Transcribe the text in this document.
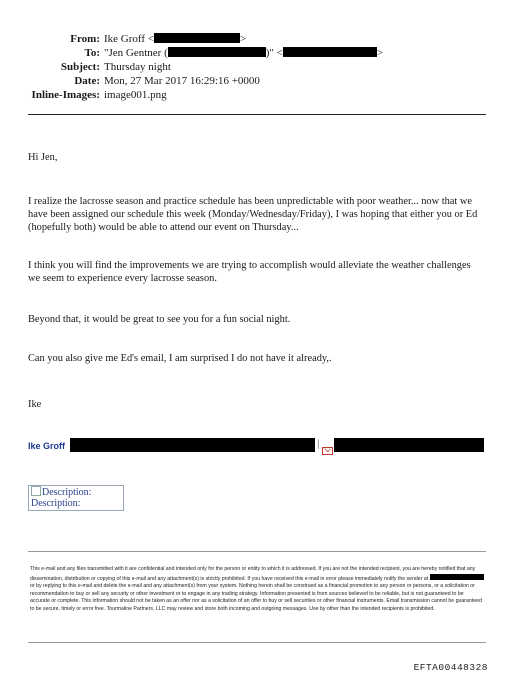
From: Ike Groff <	>
To: "Jen Gentner (	)" <	>
Subject: Thursday night
Date: Mon, 27 Mar 2017 16:29:16 +0000
Inline-Images: image001.png
Hi Jen,
I realize the lacrosse season and practice schedule has been unpredictable with poor weather... now that we have been assigned our schedule this week (Monday/Wednesday/Friday), I was hoping that either you or Ed (hopefully both) would be able to attend our event on Thursday...
I think you will find the improvements we are trying to accomplish would alleviate the weather challenges we seem to experience every lacrosse season.
Beyond that, it would be great to see you for a fun social night.
Can you also give me Ed's email, I am surprised I do not have it already,.
Ike
Ike Groff	|
Description:
Description:
This e-mail and any files transmitted with it are confidential and intended only for the person or entity to which it is addressed. If you are not the intended recipient, you are hereby notified that any dissemination, distribution or copying of this e-mail and any attachment(s) is strictly prohibited. If you have received this e-mail in error please immediately notify the sender at  or by replying to this e-mail and delete the e-mail and any attachment(s) from your system. Nothing herein shall be construed as a financial promotion to any person or persons, or a solicitation or recommendation to buy or sell any security or other investment or to engage in any trading strategy. Information presented is from sources believed to be reliable, but is not guaranteed to be accurate or complete. This information should not be taken as an offer nor as a solicitation of an offer to buy or sell securities or other financial instruments. Email transmission cannot be guaranteed to be secure, timely or error free. Tourmaline Partners, LLC may review and store both incoming and outgoing messages. Use by other than the intended recipients is prohibited.
EFTA00448328
